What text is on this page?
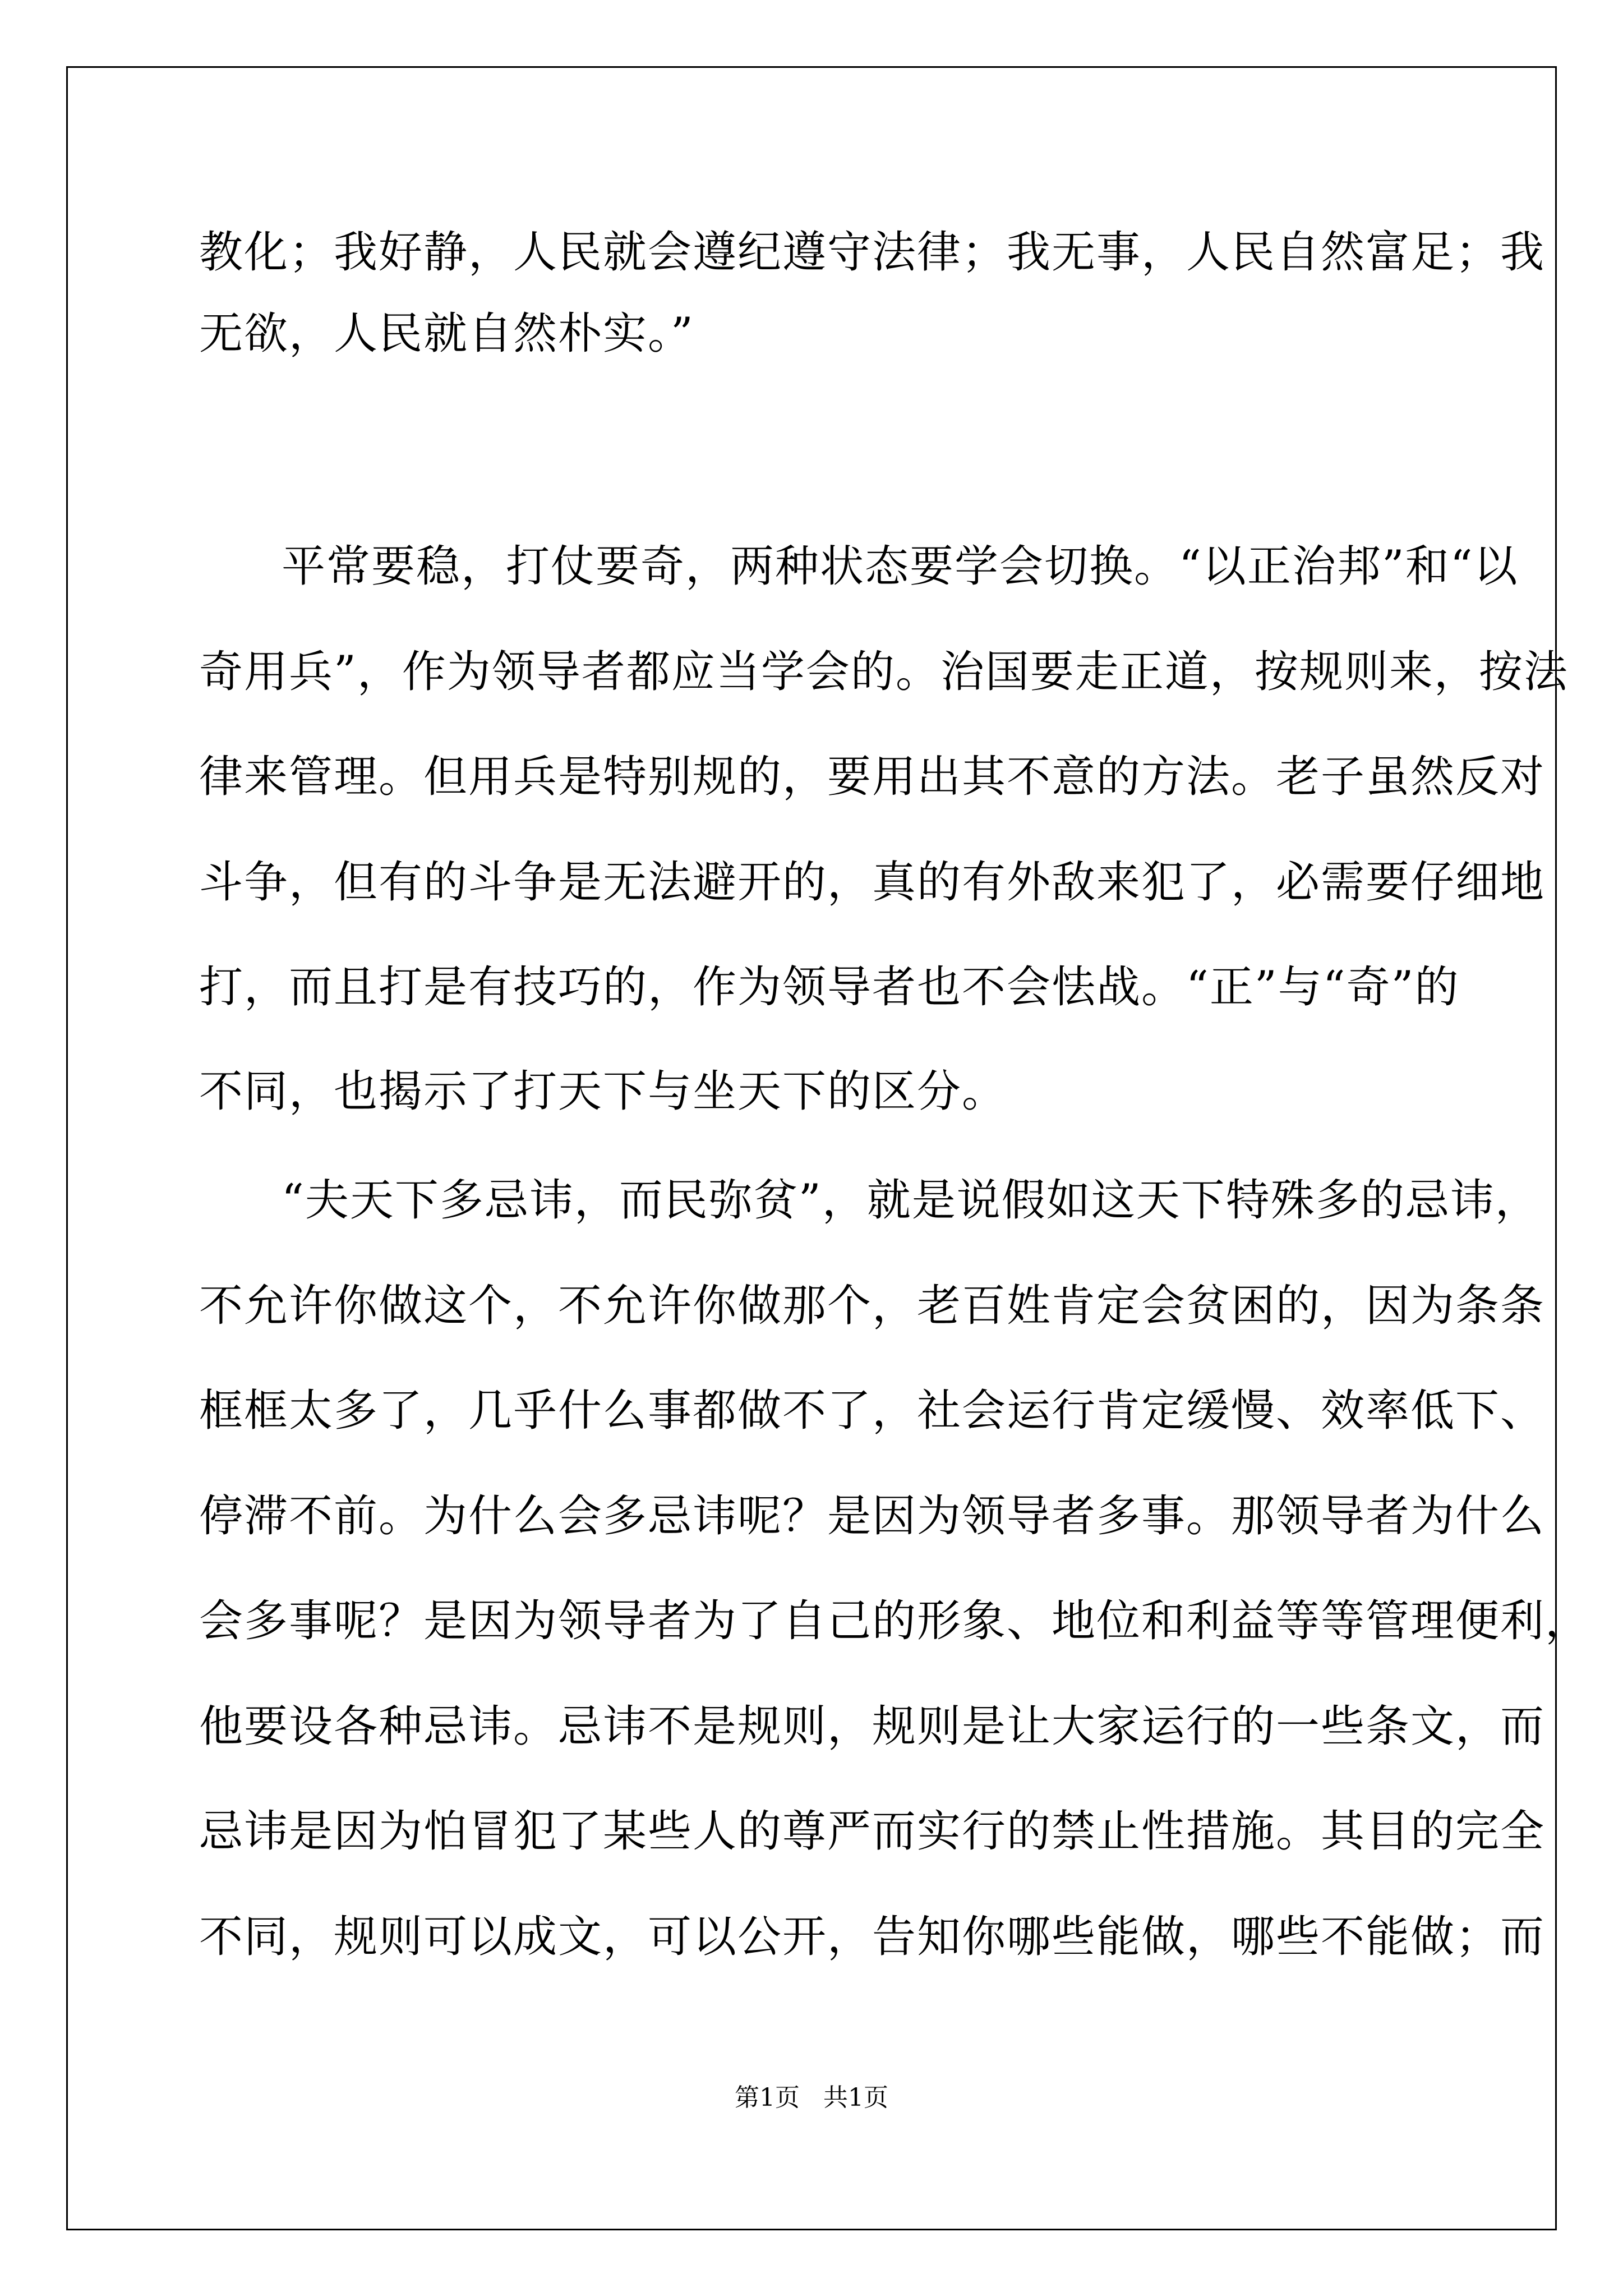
教化；我好静，人民就会遵纪遵守法律；我无事，人民自然富足；我
无欲，人民就自然朴实。”
平常要稳，打仗要奇，两种状态要学会切换。“以正治邦”和“以
奇用兵”，作为领导者都应当学会的。治国要走正道，按规则来，按法
律来管理。但用兵是特别规的，要用出其不意的方法。老子虽然反对
斗争，但有的斗争是无法避开的，真的有外敌来犯了，必需要仔细地
打，而且打是有技巧的，作为领导者也不会怯战。“正”与“奇”的
不同，也揭示了打天下与坐天下的区分。
“夫天下多忌讳，而民弥贫”，就是说假如这天下特殊多的忌讳，
不允许你做这个，不允许你做那个，老百姓肯定会贫困的，因为条条
框框太多了，几乎什么事都做不了，社会运行肯定缓慢、效率低下、
停滞不前。为什么会多忌讳呢？是因为领导者多事。那领导者为什么
会多事呢？是因为领导者为了自己的形象、地位和利益等等管理便利，
他要设各种忌讳。忌讳不是规则，规则是让大家运行的一些条文，而
忌讳是因为怕冒犯了某些人的尊严而实行的禁止性措施。其目的完全
不同，规则可以成文，可以公开，告知你哪些能做，哪些不能做；而
第1页   共1页
